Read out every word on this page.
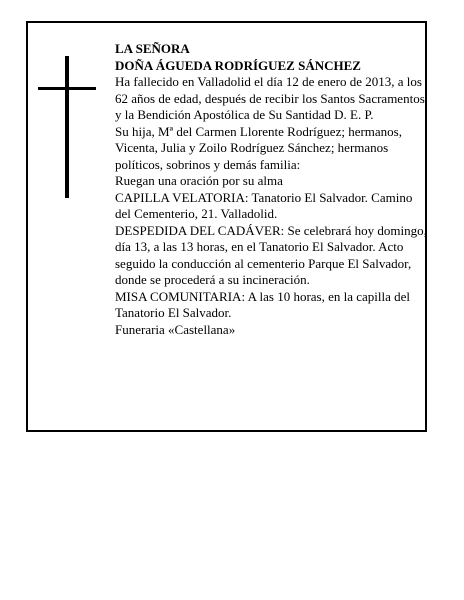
LA SEÑORA

DOÑA ÁGUEDA RODRÍGUEZ SÁNCHEZ

Ha fallecido en Valladolid el día 12 de enero de 2013, a los 62 años de edad, después de recibir los Santos Sacramentos y la Bendición Apostólica de Su Santidad D. E. P.

Su hija, Mª del Carmen Llorente Rodríguez; hermanos, Vicenta, Julia y Zoilo Rodríguez Sánchez; hermanos políticos, sobrinos y demás familia:

Ruegan una oración por su alma

CAPILLA VELATORIA: Tanatorio El Salvador. Camino del Cementerio, 21. Valladolid.

DESPEDIDA DEL CADÁVER: Se celebrará hoy domingo, día 13, a las 13 horas, en el Tanatorio El Salvador. Acto seguido la conducción al cementerio Parque El Salvador, donde se procederá a su incineración.

MISA COMUNITARIA: A las 10 horas, en la capilla del Tanatorio El Salvador.

Funeraria «Castellana»
